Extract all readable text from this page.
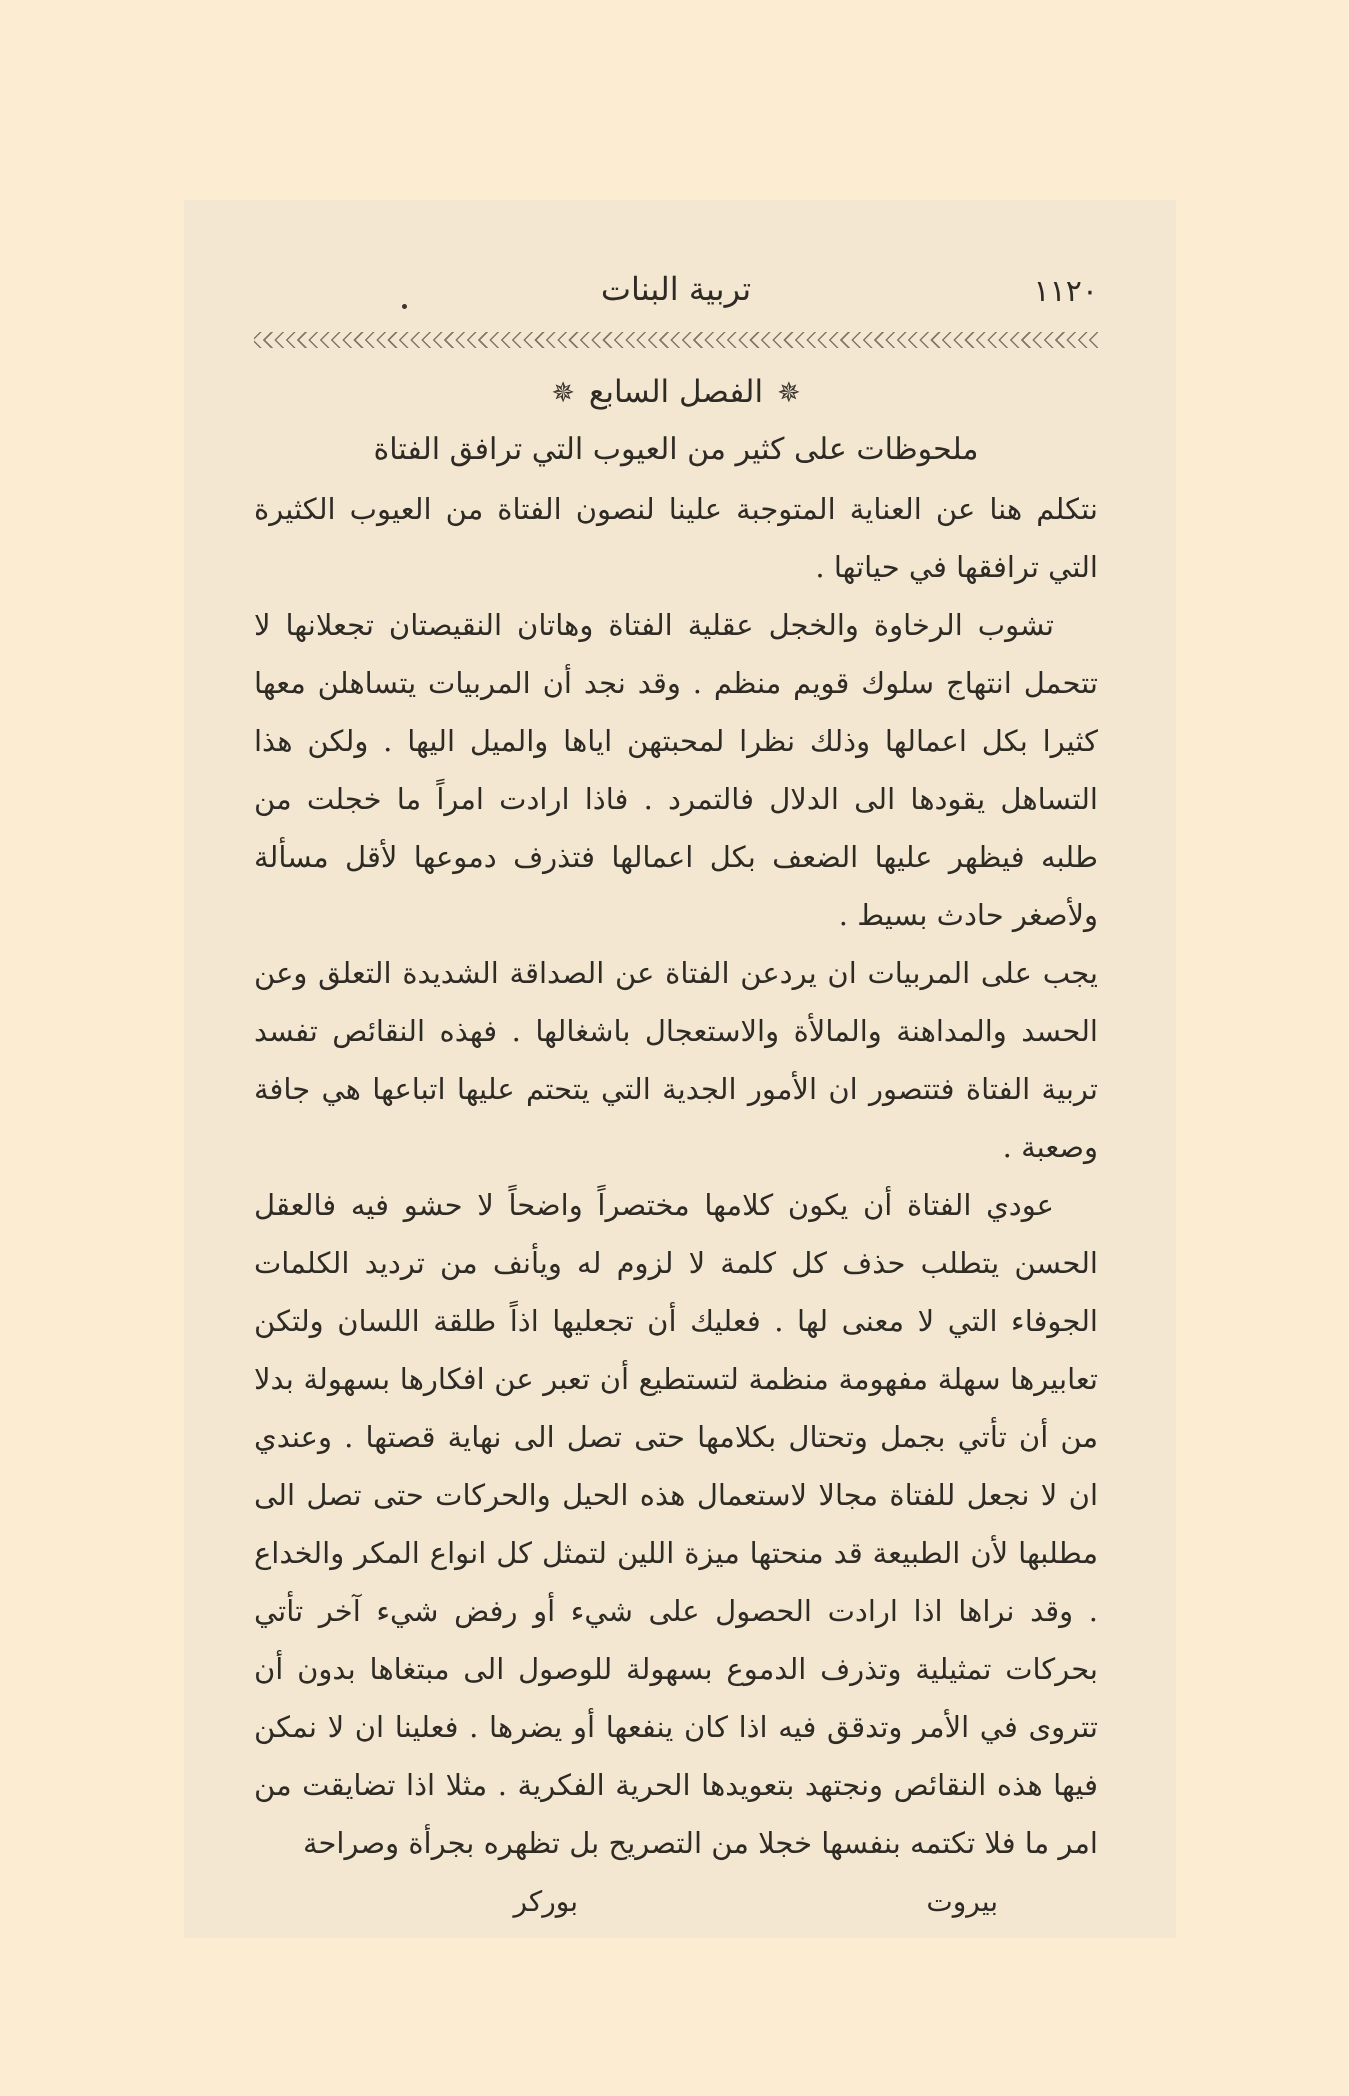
١١٢٠
تربية البنات
✵الفصل السابع✵
ملحوظات على كثير من العيوب التي ترافق الفتاة

نتكلم هنا عن العناية المتوجبة علينا لنصون الفتاة من العيوب الكثيرة التي ترافقها في حياتها .

تشوب الرخاوة والخجل عقلية الفتاة وهاتان النقيصتان تجعلانها لا تتحمل انتهاج سلوك قويم منظم . وقد نجد أن المربيات يتساهلن معها كثيرا بكل اعمالها وذلك نظرا لمحبتهن اياها والميل اليها . ولكن هذا التساهل يقودها الى الدلال فالتمرد . فاذا ارادت امراً ما خجلت من طلبه فيظهر عليها الضعف بكل اعمالها فتذرف دموعها لأقل مسألة ولأصغر حادث بسيط .

يجب على المربيات ان يردعن الفتاة عن الصداقة الشديدة التعلق وعن الحسد والمداهنة والمالأة والاستعجال باشغالها . فهذه النقائص تفسد تربية الفتاة فتتصور ان الأمور الجدية التي يتحتم عليها اتباعها هي جافة وصعبة .

عودي الفتاة أن يكون كلامها مختصراً واضحاً لا حشو فيه فالعقل الحسن يتطلب حذف كل كلمة لا لزوم له ويأنف من ترديد الكلمات الجوفاء التي لا معنى لها . فعليك أن تجعليها اذاً طلقة اللسان ولتكن تعابيرها سهلة مفهومة منظمة لتستطيع أن تعبر عن افكارها بسهولة بدلا من أن تأتي بجمل وتحتال بكلامها حتى تصل الى نهاية قصتها . وعندي ان لا نجعل للفتاة مجالا لاستعمال هذه الحيل والحركات حتى تصل الى مطلبها لأن الطبيعة قد منحتها ميزة اللين لتمثل كل انواع المكر والخداع . وقد نراها اذا ارادت الحصول على شيء أو رفض شيء آخر تأتي بحركات تمثيلية وتذرف الدموع بسهولة للوصول الى مبتغاها بدون أن تتروى في الأمر وتدقق فيه اذا كان ينفعها أو يضرها . فعلينا ان لا نمكن فيها هذه النقائص ونجتهد بتعويدها الحرية الفكرية . مثلا اذا تضايقت من امر ما فلا تكتمه بنفسها خجلا من التصريح بل تظهره بجرأة وصراحة

بيروت
بوركر
